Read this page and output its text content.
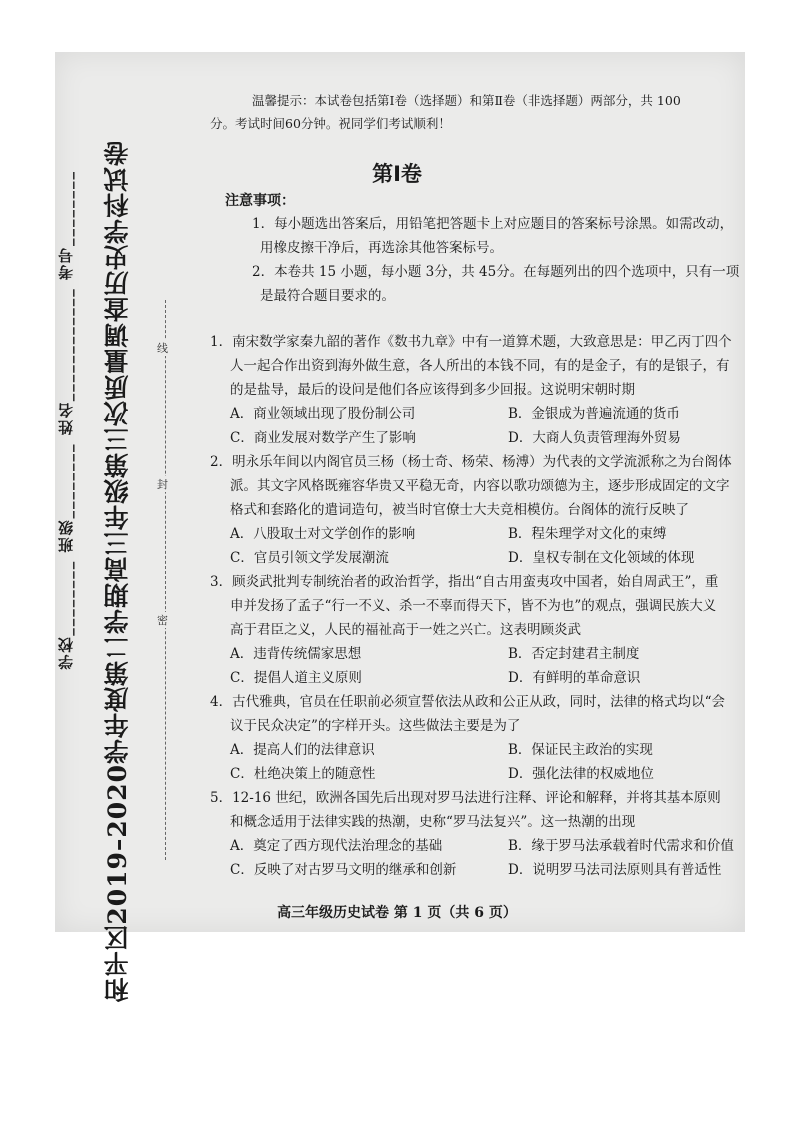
和平区2019–2020学年度第二学期高三年级第三次质量调查历史学科试卷
学校________ 班级________ 姓名____________ 考号________
线
封
密
温馨提示：本试卷包括第Ⅰ卷（选择题）和第Ⅱ卷（非选择题）两部分，共 100
分。考试时间60分钟。祝同学们考试顺利！
第Ⅰ卷
注意事项：
1．每小题选出答案后，用铅笔把答题卡上对应题目的答案标号涂黑。如需改动，
用橡皮擦干净后，再选涂其他答案标号。
2．本卷共 15 小题，每小题 3分，共 45分。在每题列出的四个选项中，只有一项
是最符合题目要求的。
1．南宋数学家秦九韶的著作《数书九章》中有一道算术题，大致意思是：甲乙丙丁四个
人一起合作出资到海外做生意，各人所出的本钱不同，有的是金子，有的是银子，有
的是盐导，最后的设问是他们各应该得到多少回报。这说明宋朝时期
A．商业领域出现了股份制公司	B．金银成为普遍流通的货币
C．商业发展对数学产生了影响	D．大商人负责管理海外贸易
2．明永乐年间以内阁官员三杨（杨士奇、杨荣、杨溥）为代表的文学流派称之为台阁体
派。其文字风格既雍容华贵又平稳无奇，内容以歌功颂德为主，逐步形成固定的文字
格式和套路化的遣词造句，被当时官僚士大夫竞相模仿。台阁体的流行反映了
A．八股取士对文学创作的影响	B．程朱理学对文化的束缚
C．官员引领文学发展潮流	D．皇权专制在文化领域的体现
3．顾炎武批判专制统治者的政治哲学，指出“自古用蛮夷攻中国者，始自周武王”，重
申并发扬了孟子“行一不义、杀一不辜而得天下，皆不为也”的观点，强调民族大义
高于君臣之义，人民的福祉高于一姓之兴亡。这表明顾炎武
A．违背传统儒家思想	B．否定封建君主制度
C．提倡人道主义原则	D．有鲜明的革命意识
4．古代雅典，官员在任职前必须宣誓依法从政和公正从政，同时，法律的格式均以“会
议于民众决定”的字样开头。这些做法主要是为了
A．提高人们的法律意识	B．保证民主政治的实现
C．杜绝决策上的随意性	D．强化法律的权威地位
5．12-16 世纪，欧洲各国先后出现对罗马法进行注释、评论和解释，并将其基本原则
和概念适用于法律实践的热潮，史称“罗马法复兴”。这一热潮的出现
A．奠定了西方现代法治理念的基础	B．缘于罗马法承载着时代需求和价值
C．反映了对古罗马文明的继承和创新	D．说明罗马法司法原则具有普适性
高三年级历史试卷 第 1 页（共 6 页）
